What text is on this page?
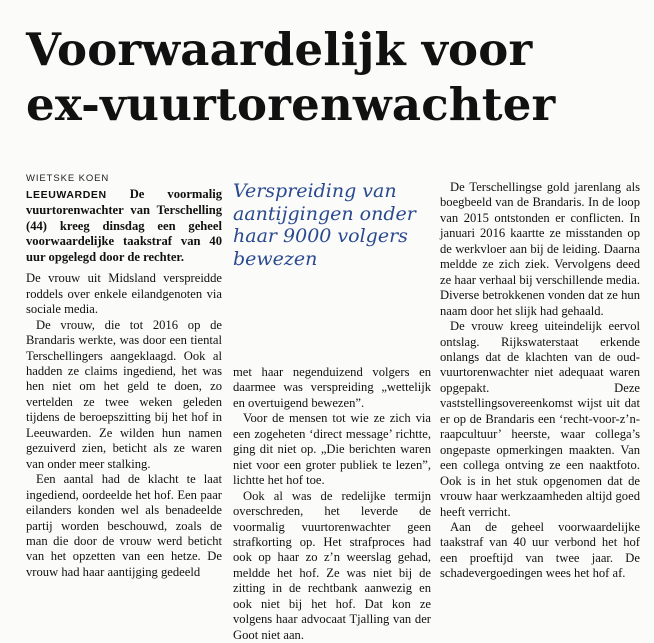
Voorwaardelijk voor
ex-vuurtorenwachter
WIETSKE KOEN

LEEUWARDEN De voormalig vuurtorenwachter van Terschelling (44) kreeg dinsdag een geheel voorwaardelijke taakstraf van 40 uur opgelegd door de rechter.

De vrouw uit Midsland verspreidde roddels over enkele eilandgenoten via sociale media.

De vrouw, die tot 2016 op de Brandaris werkte, was door een tiental Terschellingers aangeklaagd. Ook al hadden ze claims ingediend, het was hen niet om het geld te doen, zo vertelden ze twee weken geleden tijdens de beroepszitting bij het hof in Leeuwarden. Ze wilden hun namen gezuiverd zien, beticht als ze waren van onder meer stalking.

Een aantal had de klacht te laat ingediend, oordeelde het hof. Een paar eilanders konden wel als benadeelde partij worden beschouwd, zoals de man die door de vrouw werd beticht van het opzetten van een hetze. De vrouw had haar aantijging gedeeld

Verspreiding van aantijgingen onder haar 9000 volgers bewezen

met haar negenduizend volgers en daarmee was verspreiding „wettelijk en overtuigend bewezen”.

Voor de mensen tot wie ze zich via een zogeheten ‘direct message’ richtte, ging dit niet op. „Die berichten waren niet voor een groter publiek te lezen”, lichtte het hof toe.

Ook al was de redelijke termijn overschreden, het leverde de voormalig vuurtorenwachter geen strafkorting op. Het strafproces had ook op haar zo z’n weerslag gehad, meldde het hof. Ze was niet bij de zitting in de rechtbank aanwezig en ook niet bij het hof. Dat kon ze volgens haar advocaat Tjalling van der Goot niet aan.

De Terschellingse gold jarenlang als boegbeeld van de Brandaris. In de loop van 2015 ontstonden er conflicten. In januari 2016 kaartte ze misstanden op de werkvloer aan bij de leiding. Daarna meldde ze zich ziek. Vervolgens deed ze haar verhaal bij verschillende media. Diverse betrokkenen vonden dat ze hun naam door het slijk had gehaald.

De vrouw kreeg uiteindelijk eervol ontslag. Rijkswaterstaat erkende onlangs dat de klachten van de oud-vuurtorenwachter niet adequaat waren opgepakt. Deze vaststellingsovereenkomst wijst uit dat er op de Brandaris een ‘recht-voor-z’n-raapcultuur’ heerste, waar collega’s ongepaste opmerkingen maakten. Van een collega ontving ze een naaktfoto. Ook is in het stuk opgenomen dat de vrouw haar werkzaamheden altijd goed heeft verricht.

Aan de geheel voorwaardelijke taakstraf van 40 uur verbond het hof een proeftijd van twee jaar. De schadevergoedingen wees het hof af.
